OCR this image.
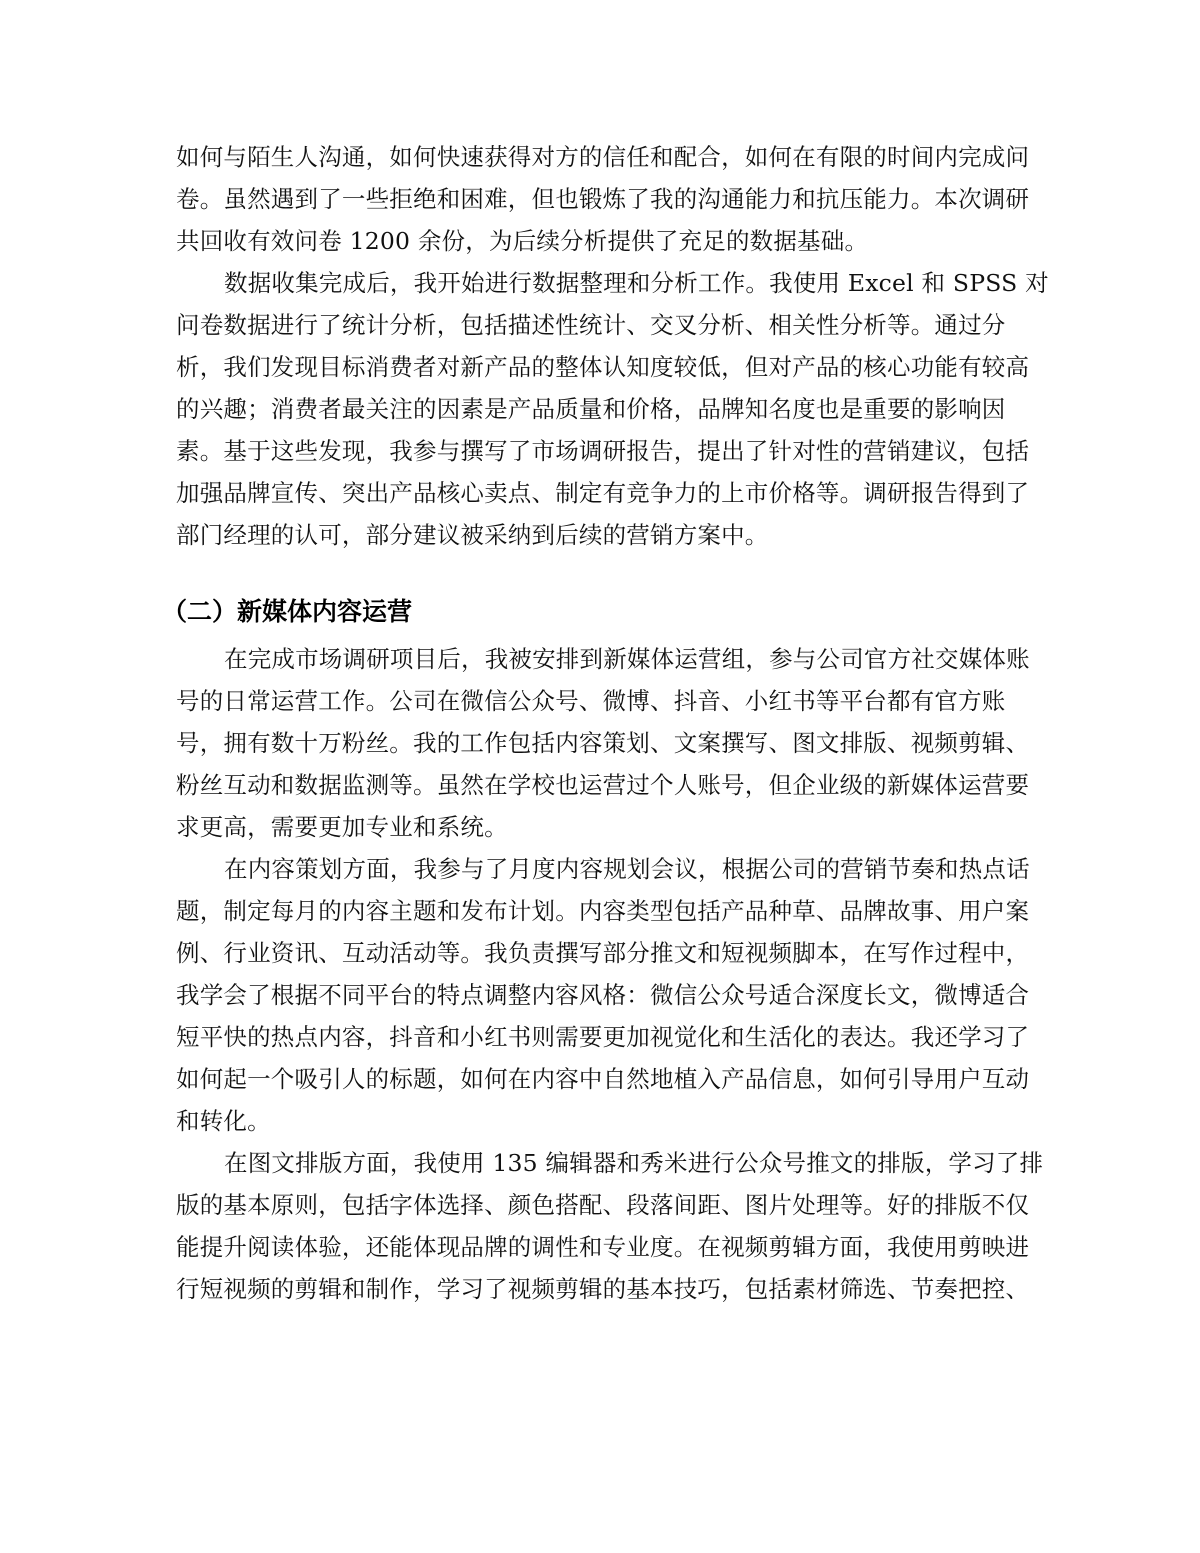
如何与陌生人沟通，如何快速获得对方的信任和配合，如何在有限的时间内完成问
卷。虽然遇到了一些拒绝和困难，但也锻炼了我的沟通能力和抗压能力。本次调研
共回收有效问卷 1200 余份，为后续分析提供了充足的数据基础。

数据收集完成后，我开始进行数据整理和分析工作。我使用 Excel 和 SPSS 对
问卷数据进行了统计分析，包括描述性统计、交叉分析、相关性分析等。通过分
析，我们发现目标消费者对新产品的整体认知度较低，但对产品的核心功能有较高
的兴趣；消费者最关注的因素是产品质量和价格，品牌知名度也是重要的影响因
素。基于这些发现，我参与撰写了市场调研报告，提出了针对性的营销建议，包括
加强品牌宣传、突出产品核心卖点、制定有竞争力的上市价格等。调研报告得到了
部门经理的认可，部分建议被采纳到后续的营销方案中。

（二）新媒体内容运营

在完成市场调研项目后，我被安排到新媒体运营组，参与公司官方社交媒体账
号的日常运营工作。公司在微信公众号、微博、抖音、小红书等平台都有官方账
号，拥有数十万粉丝。我的工作包括内容策划、文案撰写、图文排版、视频剪辑、
粉丝互动和数据监测等。虽然在学校也运营过个人账号，但企业级的新媒体运营要
求更高，需要更加专业和系统。

在内容策划方面，我参与了月度内容规划会议，根据公司的营销节奏和热点话
题，制定每月的内容主题和发布计划。内容类型包括产品种草、品牌故事、用户案
例、行业资讯、互动活动等。我负责撰写部分推文和短视频脚本，在写作过程中，
我学会了根据不同平台的特点调整内容风格：微信公众号适合深度长文，微博适合
短平快的热点内容，抖音和小红书则需要更加视觉化和生活化的表达。我还学习了
如何起一个吸引人的标题，如何在内容中自然地植入产品信息，如何引导用户互动
和转化。

在图文排版方面，我使用 135 编辑器和秀米进行公众号推文的排版，学习了排
版的基本原则，包括字体选择、颜色搭配、段落间距、图片处理等。好的排版不仅
能提升阅读体验，还能体现品牌的调性和专业度。在视频剪辑方面，我使用剪映进
行短视频的剪辑和制作，学习了视频剪辑的基本技巧，包括素材筛选、节奏把控、
